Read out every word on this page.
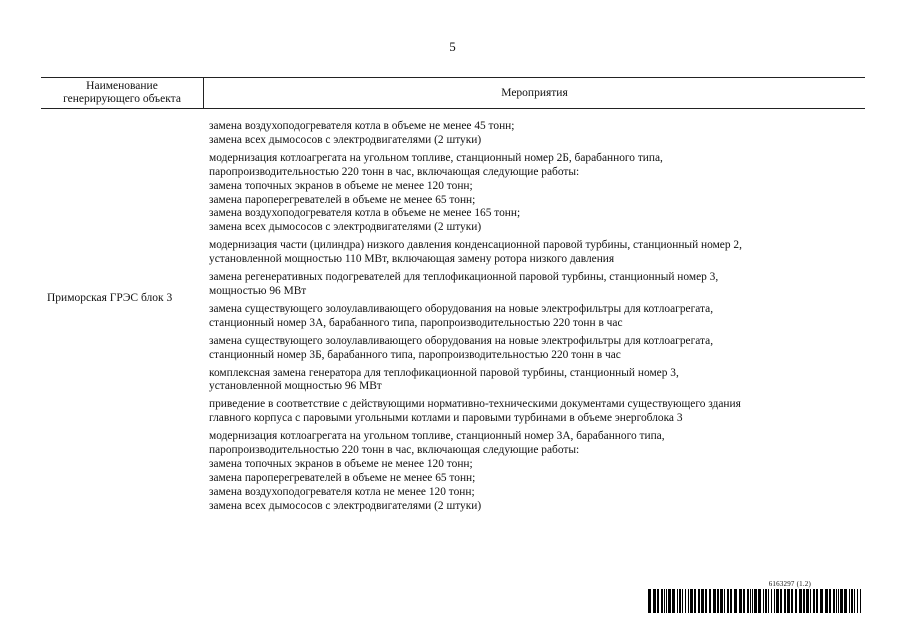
5
Наименование
генерирующего объекта	Мероприятия
Приморская ГРЭС блок 3
замена воздухоподогревателя котла в объеме не менее 45 тонн;
замена всех дымососов с электродвигателями (2 штуки)
модернизация котлоагрегата на угольном топливе, станционный номер 2Б, барабанного типа,
паропроизводительностью 220 тонн в час, включающая следующие работы:
замена топочных экранов в объеме не менее 120 тонн;
замена пароперегревателей в объеме не менее 65 тонн;
замена воздухоподогревателя котла в объеме не менее 165 тонн;
замена всех дымососов с электродвигателями (2 штуки)
модернизация части (цилиндра) низкого давления конденсационной паровой турбины, станционный номер 2,
установленной мощностью 110 МВт, включающая замену ротора низкого давления
замена регенеративных подогревателей для теплофикационной паровой турбины, станционный номер 3,
мощностью 96 МВт
замена существующего золоулавливающего оборудования на новые электрофильтры для котлоагрегата,
станционный номер 3А, барабанного типа, паропроизводительностью 220 тонн в час
замена существующего золоулавливающего оборудования на новые электрофильтры для котлоагрегата,
станционный номер 3Б, барабанного типа, паропроизводительностью 220 тонн в час
комплексная замена генератора для теплофикационной паровой турбины, станционный номер 3,
установленной мощностью 96 МВт
приведение в соответствие с действующими нормативно-техническими документами существующего здания
главного корпуса с паровыми угольными котлами и паровыми турбинами в объеме энергоблока 3
модернизация котлоагрегата на угольном топливе, станционный номер 3А, барабанного типа,
паропроизводительностью 220 тонн в час, включающая следующие работы:
замена топочных экранов в объеме не менее 120 тонн;
замена пароперегревателей в объеме не менее 65 тонн;
замена воздухоподогревателя котла не менее 120 тонн;
замена всех дымососов с электродвигателями (2 штуки)
6163297 (1.2)
